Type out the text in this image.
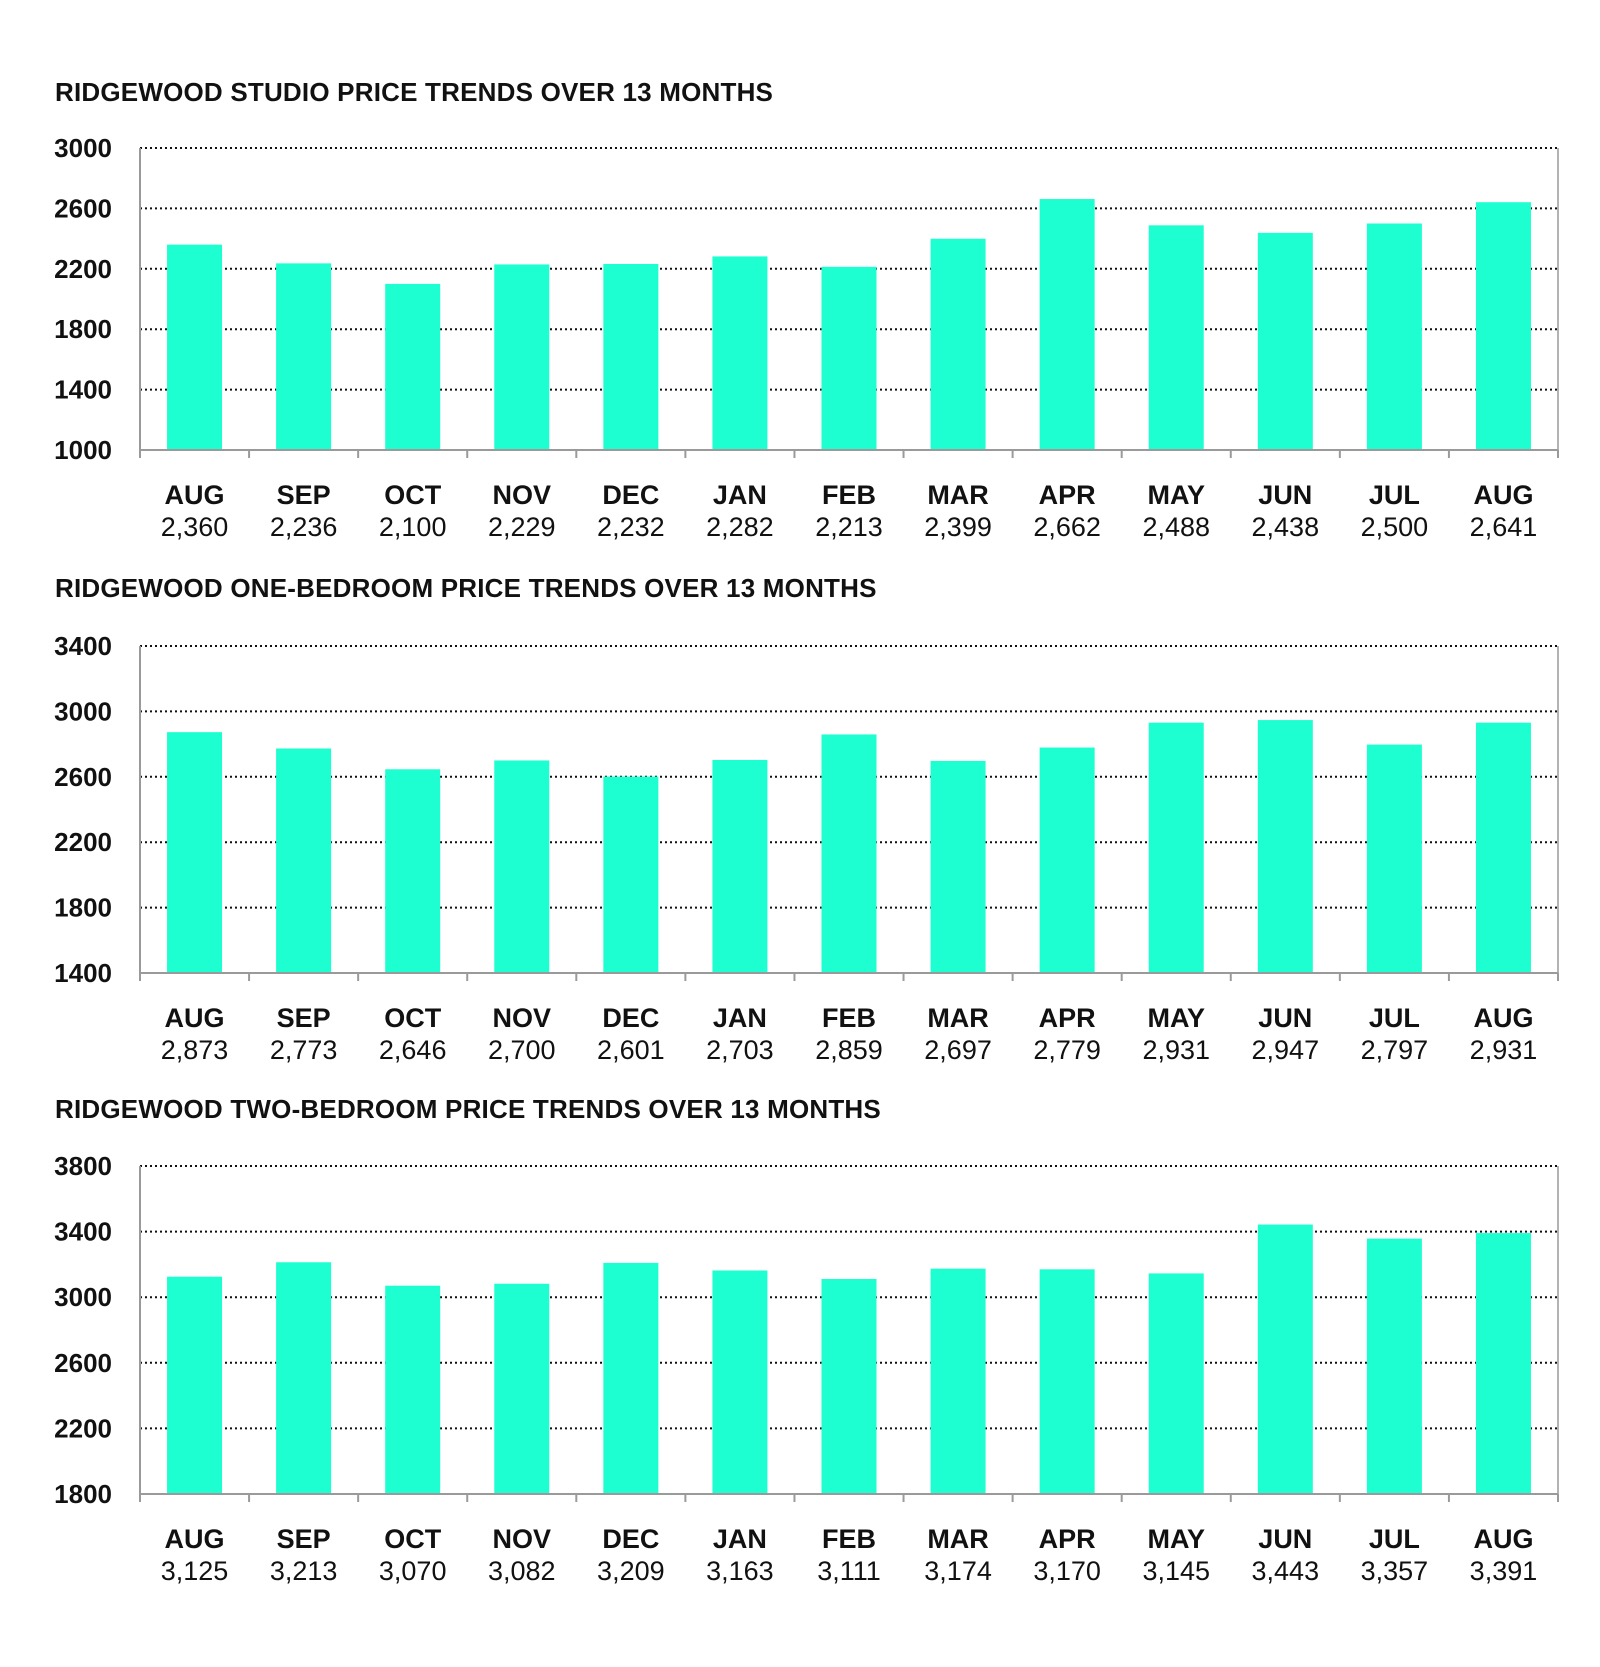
RIDGEWOOD STUDIO PRICE TRENDS OVER 13 MONTHS
1000
1400
1800
2200
2600
3000
AUG
2,360
SEP
2,236
OCT
2,100
NOV
2,229
DEC
2,232
JAN
2,282
FEB
2,213
MAR
2,399
APR
2,662
MAY
2,488
JUN
2,438
JUL
2,500
AUG
2,641
RIDGEWOOD ONE-BEDROOM PRICE TRENDS OVER 13 MONTHS
1400
1800
2200
2600
3000
3400
AUG
2,873
SEP
2,773
OCT
2,646
NOV
2,700
DEC
2,601
JAN
2,703
FEB
2,859
MAR
2,697
APR
2,779
MAY
2,931
JUN
2,947
JUL
2,797
AUG
2,931
RIDGEWOOD TWO-BEDROOM PRICE TRENDS OVER 13 MONTHS
1800
2200
2600
3000
3400
3800
AUG
3,125
SEP
3,213
OCT
3,070
NOV
3,082
DEC
3,209
JAN
3,163
FEB
3,111
MAR
3,174
APR
3,170
MAY
3,145
JUN
3,443
JUL
3,357
AUG
3,391
